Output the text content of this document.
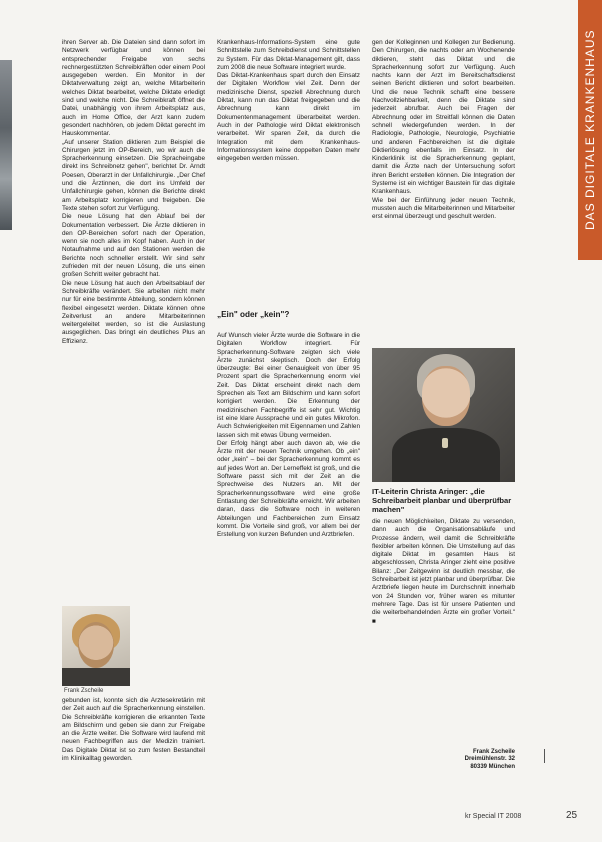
DAS DIGITALE KRANKENHAUS

ihren Server ab. Die Dateien sind dann sofort im Netzwerk verfügbar und können bei entsprechender Freigabe von sechs rechnergestützten Schreibkräften oder einem Pool ausgegeben werden. Ein Monitor in der Diktatverwaltung zeigt an, welche Mitarbeiterin welches Diktat bearbeitet, welche Diktate erledigt sind und welche nicht. Die Schreibkraft öffnet die Datei, unabhängig von ihrem Arbeitsplatz aus, auch im Home Office, der Arzt kann zudem gesondert nachhören, ob jedem Diktat gerecht im Hauskommentar.

„Auf unserer Station diktieren zum Beispiel die Chirurgen jetzt im OP-Bereich, wo wir auch die Spracherkennung einsetzen. Die Spracheingabe direkt ins Schreibnetz gehen", berichtet Dr. Arndt Poesen, Oberarzt in der Unfallchirurgie. „Der Chef und die Ärztinnen, die dort ins Umfeld der Unfallchirurgie gehen, können die Berichte direkt am Arbeitsplatz korrigieren und freigeben. Die Texte stehen sofort zur Verfügung.

Die neue Lösung hat den Ablauf bei der Dokumentation verbessert. Die Ärzte diktieren in den OP-Bereichen sofort nach der Operation, wenn sie noch alles im Kopf haben. Auch in der Notaufnahme und auf den Stationen werden die Berichte noch schneller erstellt. Wir sind sehr zufrieden mit der neuen Lösung, die uns einen großen Schritt weiter gebracht hat.

Die neue Lösung hat auch den Arbeitsablauf der Schreibkräfte verändert. Sie arbeiten nicht mehr nur für eine bestimmte Abteilung, sondern können flexibel eingesetzt werden. Diktate können ohne Zeitverlust an andere Mitarbeiterinnen weitergeleitet werden, so ist die Auslastung ausgeglichen. Das bringt ein deutliches Plus an Effizienz.

Frank Zscheile

gebunden ist, konnte sich die Arztesekretärin mit der Zeit auch auf die Spracherkennung einstellen. Die Schreibkräfte korrigieren die erkannten Texte am Bildschirm und geben sie dann zur Freigabe an die Ärzte weiter. Die Software wird laufend mit neuen Fachbegriffen aus der Medizin trainiert. Das Digitale Diktat ist so zum festen Bestandteil im Klinikalltag geworden.

Krankenhaus-Informations-System eine gute Schnittstelle zum Schreibdienst und Schnittstellen zu System. Für das Diktat-Management gilt, dass zum 2008 die neue Software integriert wurde.

Das Diktat-Krankenhaus spart durch den Einsatz der Digitalen Workflow viel Zeit. Denn der medizinische Dienst, speziell Abrechnung durch Diktat, kann nun das Diktat freigegeben und die Abrechnung kann direkt im Dokumentenmanagement überarbeitet werden. Auch in der Pathologie wird Diktat elektronisch verarbeitet. Wir sparen Zeit, da durch die Integration mit dem Krankenhaus-Informationssystem keine doppelten Daten mehr eingegeben werden müssen.

„Ein" oder „kein"?

Auf Wunsch vieler Ärzte wurde die Software in die Digitalen Workflow integriert. Für Spracherkennung-Software zeigten sich viele Ärzte zunächst skeptisch. Doch der Erfolg überzeugte: Bei einer Genauigkeit von über 95 Prozent spart die Spracherkennung enorm viel Zeit. Das Diktat erscheint direkt nach dem Sprechen als Text am Bildschirm und kann sofort korrigiert werden. Die Erkennung der medizinischen Fachbegriffe ist sehr gut. Wichtig ist eine klare Aussprache und ein gutes Mikrofon. Auch Schwierigkeiten mit Eigennamen und Zahlen lassen sich mit etwas Übung vermeiden.

Der Erfolg hängt aber auch davon ab, wie die Ärzte mit der neuen Technik umgehen. Ob „ein" oder „kein" – bei der Spracherkennung kommt es auf jedes Wort an. Der Lerneffekt ist groß, und die Software passt sich mit der Zeit an die Sprechweise des Nutzers an. Mit der Spracherkennungssoftware wird eine große Entlastung der Schreibkräfte erreicht. Wir arbeiten daran, dass die Software noch in weiteren Abteilungen und Fachbereichen zum Einsatz kommt. Die Vorteile sind groß, vor allem bei der Erstellung von kurzen Befunden und Arztbriefen.

gen der Kolleginnen und Kollegen zur Bedienung. Den Chirurgen, die nachts oder am Wochenende diktieren, steht das Diktat und die Spracherkennung sofort zur Verfügung. Auch nachts kann der Arzt im Bereitschaftsdienst seinen Bericht diktieren und sofort bearbeiten. Und die neue Technik schafft eine bessere Nachvollziehbarkeit, denn die Diktate sind jederzeit abrufbar. Auch bei Fragen der Abrechnung oder im Streitfall können die Daten schnell wiedergefunden werden. In der Radiologie, Pathologie, Neurologie, Psychiatrie und anderen Fachbereichen ist die digitale Diktierlösung ebenfalls im Einsatz. In der Kinderklinik ist die Spracherkennung geplant, damit die Ärzte nach der Untersuchung sofort ihren Bericht erstellen können. Die Integration der Systeme ist ein wichtiger Baustein für das digitale Krankenhaus.

Wie bei der Einführung jeder neuen Technik, mussten auch die Mitarbeiterinnen und Mitarbeiter erst einmal überzeugt und geschult werden.

IT-Leiterin Christa Aringer: „die Schreibarbeit planbar und überprüfbar machen"

die neuen Möglichkeiten, Diktate zu versenden, dann auch die Organisationsabläufe und Prozesse ändern, weil damit die Schreibkräfte flexibler arbeiten können. Die Umstellung auf das digitale Diktat im gesamten Haus ist abgeschlossen, Christa Aringer zieht eine positive Bilanz: „Der Zeitgewinn ist deutlich messbar, die Schreibarbeit ist jetzt planbar und überprüfbar. Die Arztbriefe liegen heute im Durchschnitt innerhalb von 24 Stunden vor, früher waren es mitunter mehrere Tage. Das ist für unsere Patienten und die weiterbehandelnden Ärzte ein großer Vorteil." ■

Frank Zscheile
Dreimühlenstr. 32
80339 München
kr Special IT 2008	25
